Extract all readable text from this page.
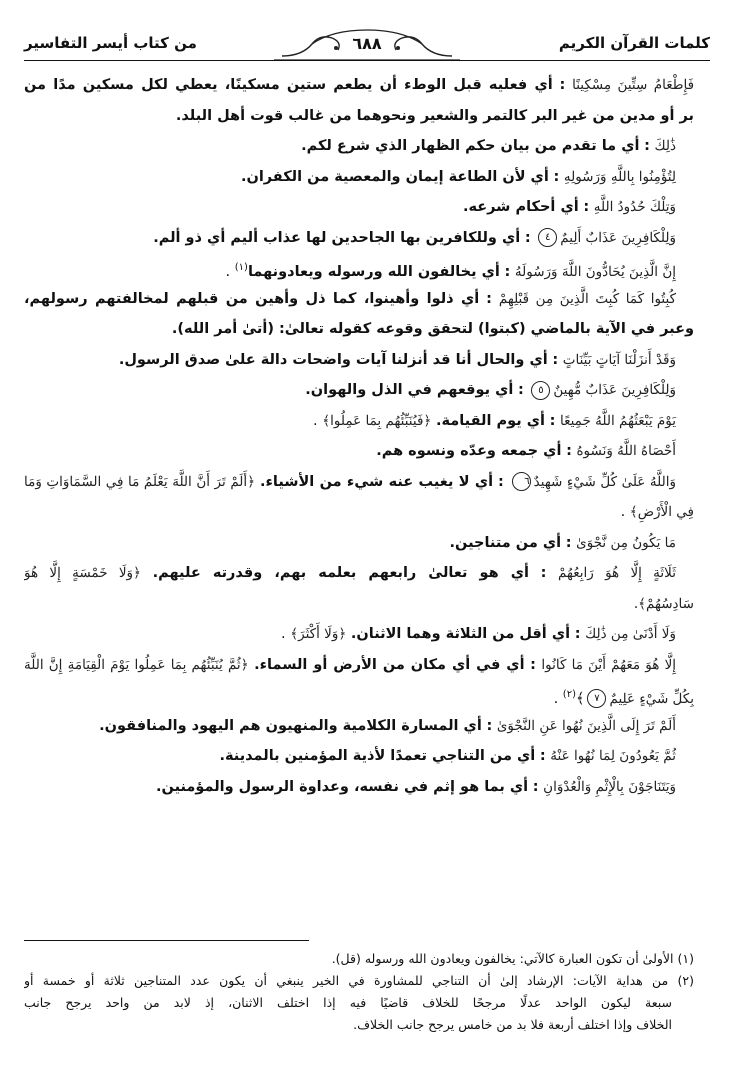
كلمات القرآن الكريم
٦٨٨
من كتاب أيسر التفاسير
فَإِطْعَامُ سِتِّينَ مِسْكِينًا : أي فعليه قبل الوطء أن يطعم ستين مسكينًا، يعطي لكل مسكين مدًا من
بر أو مدين من غير البر كالتمر والشعير ونحوهما من غالب قوت أهل البلد.
ذَٰلِكَ : أي ما تقدم من بيان حكم الظهار الذي شرع لكم.
لِتُؤْمِنُوا بِاللَّهِ وَرَسُولِهِ : أي لأن الطاعة إيمان والمعصية من الكفران.
وَتِلْكَ حُدُودُ اللَّهِ : أي أحكام شرعه.
وَلِلْكَافِرِينَ عَذَابٌ أَلِيمٌ٤ : أي وللكافرين بها الجاحدين لها عذاب أليم أي ذو ألم.
إِنَّ الَّذِينَ يُحَادُّونَ اللَّهَ وَرَسُولَهُ : أي يخالفون الله ورسوله ويعادونهما$^{(١)}$ .
كُبِتُوا كَمَا كُبِتَ الَّذِينَ مِن قَبْلِهِمْ : أي ذلوا وأهينوا، كما ذل وأهين من قبلهم لمخالفتهم رسولهم،
وعبر في الآية بالماضي (كبتوا) لتحقق وقوعه كقوله تعالىٰ: (أتىٰ أمر الله).
وَقَدْ أَنزَلْنَا آيَاتٍ بَيِّنَاتٍ : أي والحال أنا قد أنزلنا آيات واضحات دالة علىٰ صدق الرسول.
وَلِلْكَافِرِينَ عَذَابٌ مُّهِينٌ٥ : أي يوقعهم في الذل والهوان.
يَوْمَ يَبْعَثُهُمُ اللَّهُ جَمِيعًا : أي يوم القيامة. ﴿فَيُنَبِّئُهُم بِمَا عَمِلُوا﴾ .
أَحْصَاهُ اللَّهُ وَنَسُوهُ : أي جمعه وعدّه ونسوه هم.
وَاللَّهُ عَلَىٰ كُلِّ شَيْءٍ شَهِيدٌ٦ : أي لا يغيب عنه شيء من الأشياء. ﴿أَلَمْ تَرَ أَنَّ اللَّهَ يَعْلَمُ مَا فِي السَّمَاوَاتِ وَمَا
فِي الْأَرْضِ﴾ .
مَا يَكُونُ مِن نَّجْوَىٰ : أي من متناجين.
ثَلَاثَةٍ إِلَّا هُوَ رَابِعُهُمْ : أي هو تعالىٰ رابعهم بعلمه بهم، وقدرته عليهم. ﴿وَلَا خَمْسَةٍ إِلَّا هُوَ
سَادِسُهُمْ﴾.
وَلَا أَدْنَىٰ مِن ذَٰلِكَ : أي أقل من الثلاثة وهما الاثنان. ﴿وَلَا أَكْثَرَ﴾ .
إِلَّا هُوَ مَعَهُمْ أَيْنَ مَا كَانُوا : أي في أي مكان من الأرض أو السماء. ﴿ثُمَّ يُنَبِّئُهُم بِمَا عَمِلُوا يَوْمَ الْقِيَامَةِ إِنَّ اللَّهَ
بِكُلِّ شَيْءٍ عَلِيمٌ٧﴾$^{(٢)}$ .
أَلَمْ تَرَ إِلَى الَّذِينَ نُهُوا عَنِ النَّجْوَىٰ : أي المسارة الكلامية والمنهيون هم اليهود والمنافقون.
ثُمَّ يَعُودُونَ لِمَا نُهُوا عَنْهُ : أي من التناجي تعمدًا لأذية المؤمنين بالمدينة.
وَيَتَنَاجَوْنَ بِالْإِثْمِ وَالْعُدْوَانِ : أي بما هو إثم في نفسه، وعداوة الرسول والمؤمنين.
(١) الأولىٰ أن تكون العبارة كالآتي: يخالفون ويعادون الله ورسوله (قل).
(٢) من هداية الآيات: الإرشاد إلىٰ أن التناجي للمشاورة في الخير ينبغي أن يكون عدد المتناجين ثلاثة أو خمسة أو
سبعة ليكون الواحد عدلًا مرجحًا للخلاف قاضيًا فيه إذا اختلف الاثنان، إذ لابد من واحد يرجح جانب
الخلاف وإذا اختلف أربعة فلا بد من خامس يرجح جانب الخلاف.
